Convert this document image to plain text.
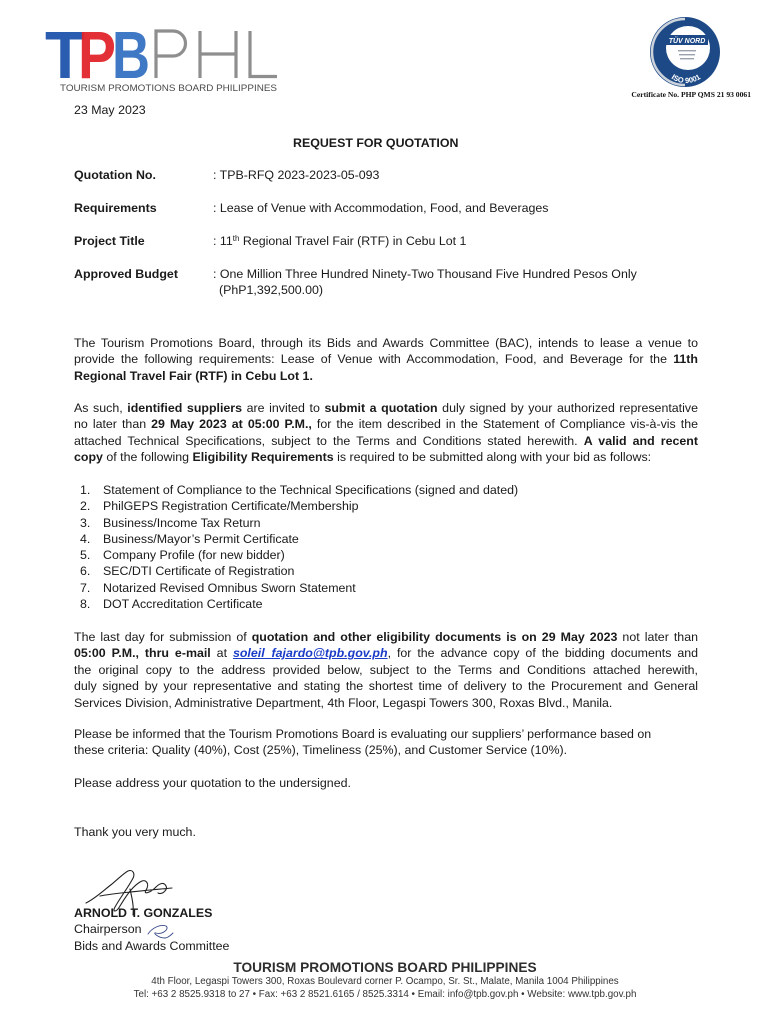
T
P
B
TOURISM PROMOTIONS BOARD PHILIPPINES
TÜV NORD
ISO 9001
Certificate No. PHP QMS 21 93 0061
23 May 2023
REQUEST FOR QUOTATION
Quotation No.	: TPB-RFQ 2023-2023-05-093
Requirements	: Lease of Venue with Accommodation, Food, and Beverages
Project Title	: 11th Regional Travel Fair (RTF) in Cebu Lot 1
Approved Budget	: One Million Three Hundred Ninety-Two Thousand Five Hundred Pesos Only
(PhP1,392,500.00)
The Tourism Promotions Board, through its Bids and Awards Committee (BAC), intends to lease a venue to
provide the following requirements: Lease of Venue with Accommodation, Food, and Beverage for the 11th
Regional Travel Fair (RTF) in Cebu Lot 1.
As such, identified suppliers are invited to submit a quotation duly signed by your authorized representative
no later than 29 May 2023 at 05:00 P.M., for the item described in the Statement of Compliance vis-à-vis the
attached Technical Specifications, subject to the Terms and Conditions stated herewith. A valid and recent
copy of the following Eligibility Requirements is required to be submitted along with your bid as follows:
1. Statement of Compliance to the Technical Specifications (signed and dated)
2. PhilGEPS Registration Certificate/Membership
3. Business/Income Tax Return
4. Business/Mayor’s Permit Certificate
5. Company Profile (for new bidder)
6. SEC/DTI Certificate of Registration
7. Notarized Revised Omnibus Sworn Statement
8. DOT Accreditation Certificate
The last day for submission of quotation and other eligibility documents is on 29 May 2023 not later than
05:00 P.M., thru e-mail at soleil_fajardo@tpb.gov.ph, for the advance copy of the bidding documents and
the original copy to the address provided below, subject to the Terms and Conditions attached herewith,
duly signed by your representative and stating the shortest time of delivery to the Procurement and General
Services Division, Administrative Department, 4th Floor, Legaspi Towers 300, Roxas Blvd., Manila.
Please be informed that the Tourism Promotions Board is evaluating our suppliers’ performance based on
these criteria: Quality (40%), Cost (25%), Timeliness (25%), and Customer Service (10%).
Please address your quotation to the undersigned.
Thank you very much.
ARNOLD T. GONZALES
Chairperson
Bids and Awards Committee
TOURISM PROMOTIONS BOARD PHILIPPINES
4th Floor, Legaspi Towers 300, Roxas Boulevard corner P. Ocampo, Sr. St., Malate, Manila 1004 Philippines
Tel: +63 2 8525.9318 to 27 • Fax: +63 2 8521.6165 / 8525.3314 • Email: info@tpb.gov.ph • Website: www.tpb.gov.ph
